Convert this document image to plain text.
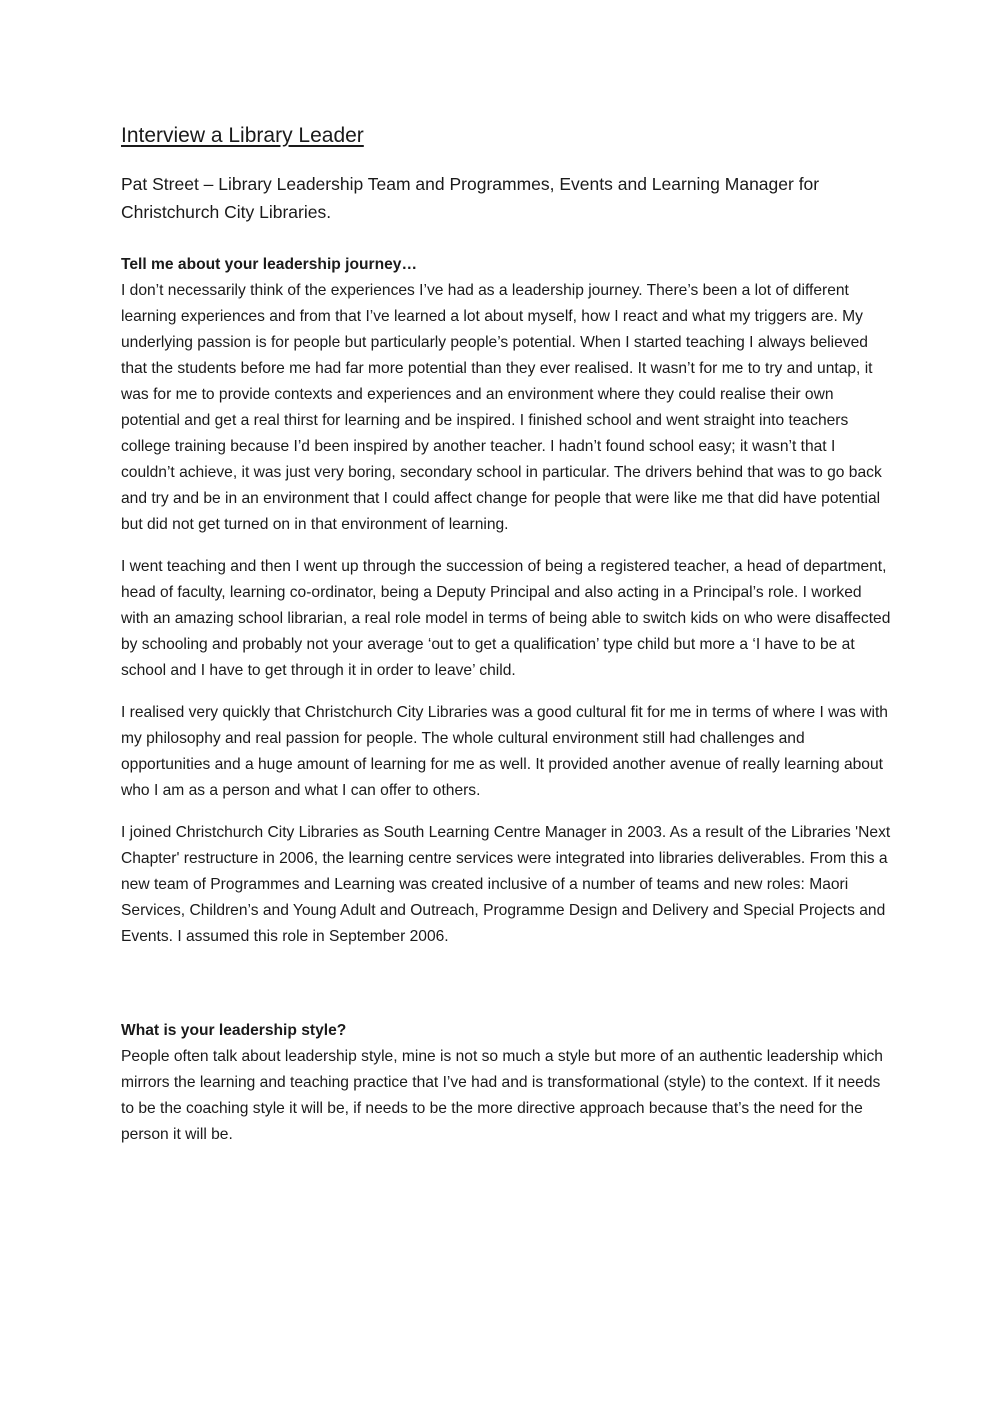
Interview a Library Leader

Pat Street – Library Leadership Team and Programmes, Events and Learning Manager for Christchurch City Libraries.

Tell me about your leadership journey…

I don’t necessarily think of the experiences I’ve had as a leadership journey. There’s been a lot of different learning experiences and from that I’ve learned a lot about myself, how I react and what my triggers are. My underlying passion is for people but particularly people’s potential. When I started teaching I always believed that the students before me had far more potential than they ever realised. It wasn’t for me to try and untap, it was for me to provide contexts and experiences and an environment where they could realise their own potential and get a real thirst for learning and be inspired. I finished school and went straight into teachers college training because I’d been inspired by another teacher. I hadn’t found school easy; it wasn’t that I couldn’t achieve, it was just very boring, secondary school in particular. The drivers behind that was to go back and try and be in an environment that I could affect change for people that were like me that did have potential but did not get turned on in that environment of learning.

I went teaching and then I went up through the succession of being a registered teacher, a head of department, head of faculty, learning co-ordinator, being a Deputy Principal and also acting in a Principal’s role. I worked with an amazing school librarian, a real role model in terms of being able to switch kids on who were disaffected by schooling and probably not your average ‘out to get a qualification’ type child but more a ‘I have to be at school and I have to get through it in order to leave’ child.

I realised very quickly that Christchurch City Libraries was a good cultural fit for me in terms of where I was with my philosophy and real passion for people. The whole cultural environment still had challenges and opportunities and a huge amount of learning for me as well. It provided another avenue of really learning about who I am as a person and what I can offer to others.

I joined Christchurch City Libraries as South Learning Centre Manager in 2003. As a result of the Libraries 'Next Chapter' restructure in 2006, the learning centre services were integrated into libraries deliverables. From this a new team of Programmes and Learning was created inclusive of a number of teams and new roles: Maori Services, Children’s and Young Adult and Outreach, Programme Design and Delivery and Special Projects and Events. I assumed this role in September 2006.

What is your leadership style?

People often talk about leadership style, mine is not so much a style but more of an authentic leadership which mirrors the learning and teaching practice that I’ve had and is transformational (style) to the context. If it needs to be the coaching style it will be, if needs to be the more directive approach because that’s the need for the person it will be.
